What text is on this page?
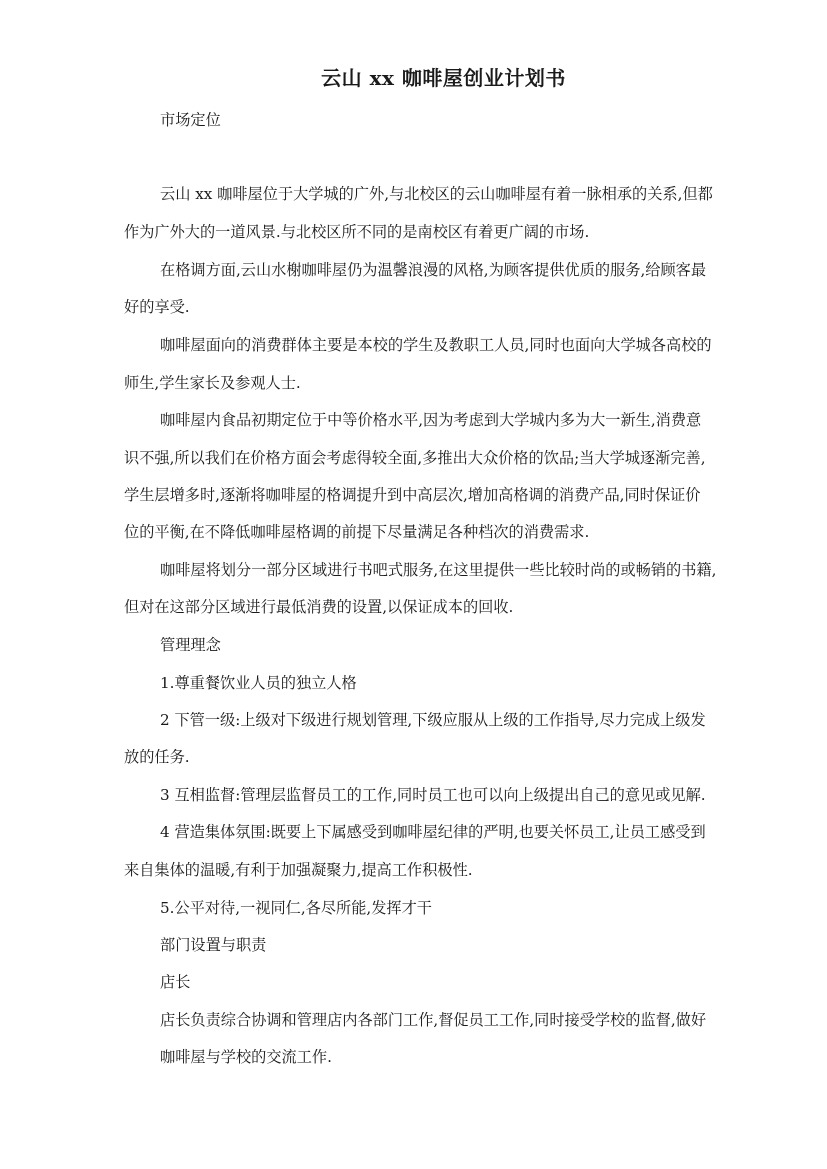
云山 xx 咖啡屋创业计划书
市场定位
云山 xx 咖啡屋位于大学城的广外,与北校区的云山咖啡屋有着一脉相承的关系,但都
作为广外大的一道风景.与北校区所不同的是南校区有着更广阔的市场.
在格调方面,云山水榭咖啡屋仍为温馨浪漫的风格,为顾客提供优质的服务,给顾客最
好的享受.
咖啡屋面向的消费群体主要是本校的学生及教职工人员,同时也面向大学城各高校的
师生,学生家长及参观人士.
咖啡屋内食品初期定位于中等价格水平,因为考虑到大学城内多为大一新生,消费意
识不强,所以我们在价格方面会考虑得较全面,多推出大众价格的饮品;当大学城逐渐完善,
学生层增多时,逐渐将咖啡屋的格调提升到中高层次,增加高格调的消费产品,同时保证价
位的平衡,在不降低咖啡屋格调的前提下尽量满足各种档次的消费需求.
咖啡屋将划分一部分区域进行书吧式服务,在这里提供一些比较时尚的或畅销的书籍,
但对在这部分区域进行最低消费的设置,以保证成本的回收.
管理理念
1.尊重餐饮业人员的独立人格
2 下管一级:上级对下级进行规划管理,下级应服从上级的工作指导,尽力完成上级发
放的任务.
3 互相监督:管理层监督员工的工作,同时员工也可以向上级提出自己的意见或见解.
4 营造集体氛围:既要上下属感受到咖啡屋纪律的严明,也要关怀员工,让员工感受到
来自集体的温暖,有利于加强凝聚力,提高工作积极性.
5.公平对待,一视同仁,各尽所能,发挥才干
部门设置与职责
店长
店长负责综合协调和管理店内各部门工作,督促员工工作,同时接受学校的监督,做好
咖啡屋与学校的交流工作.
